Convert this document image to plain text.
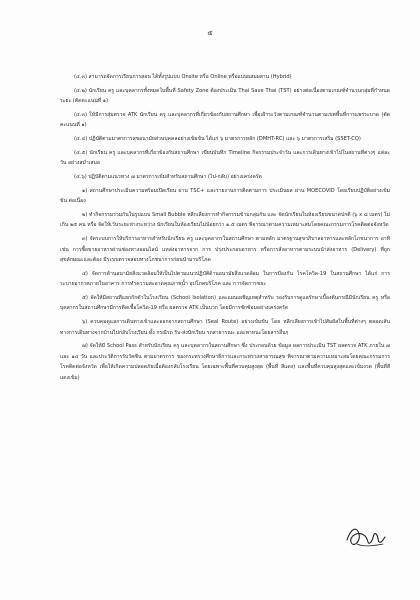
๕

(๔.๓) สามารถจัดการเรียนการสอน ได้ทั้งรูปแบบ Onsite หรือ Online หรือแบบผสมผสาน (Hybrid)

(๔.๒) นักเรียน ครู และบุคลากรทั้งหมดในพื้นที่ Safety Zone ต้องประเมิน Thai Save Thai (TST) อย่างต่อเนื่องตามเกณฑ์จำนวนกลุ่มที่กำหนดระยะ (ตัดคะแนนที่ ๑)

(๔.๓) ให้มีการสุ่มตรวจ ATK นักเรียน ครู และบุคลากรที่เกี่ยวข้องกับสถานศึกษา เพื่อเฝ้าระวังตามเกณฑ์จำนวนตามเขตพื้นที่การแพร่ระบาด (ตัดคะแนนที่ ๑)

(๔.๔) ปฏิบัติตามมาตรการสุขอนามัยส่วนบุคคลอย่างเข้มข้น ได้แก่ ๖ มาตรการหลัก (DMHT-RC) และ ๖ มาตรการเสริม (SSET-CQ)

(๔.๕) นักเรียน ครู และบุคลากรที่เกี่ยวข้องกับสถานศึกษา เขียนบันทึก Timeline กิจกรรมประจำวัน และการเดินทางเข้าไปในสถานที่ต่างๆ แต่ละวัน อย่างสม่ำเสมอ

(๔.๖) ปฏิบัติตามแนวทาง ๗ มาตรการเข้มสำหรับสถานศึกษา (ไป-กลับ) อย่างเคร่งครัด

๑) สถานศึกษาประเมินความพร้อมเปิดเรียน ผ่าน TSC+ และรายงานการติดตามการ ประเมินผล ผ่าน MOECOVID โดยเรียบปฏิบัติอย่างเข้มข้น ต่อเนื่อง

๒) ทำกิจกรรมร่วมกันในรูปแบบ Small Bubble หลีกเลี่ยงการทำกิจกรรมข้ามกลุ่มกัน และ จัดนักเรียนในห้องเรียนขนาดปกติ (๖ x ๘ เมตร) ไม่เกิน ๒๕ คน หรือ จัดให้เว้นระยะห่างระหว่าง นักเรียนในห้องเรียนไม่น้อยกว่า ๑.๕ เมตร พิจารณาตามความเหมาะสมโดยคณะกรรมการโรคติดต่อจังหวัด

๓) จัดระบบการให้บริการอาหารสำหรับนักเรียน ครู และบุคลากรในสถานศึกษา ตามหลัก มาตรฐานสุขาภิบาลอาหารและหลักโภชนาการ อาทิเช่น การซื้อขายอาหารผ่านช่องทางออนไลน์ แหล่งอาหารจาก การ ปรุงประกอบอาหาร หรือการสั่งอาหารตามระบบนำส่งอาหาร (Delivery) ที่ถูกสุขลักษณะและต้อง มีระบบตรวจสอบทางโภชนาการก่อนนำมาบริโภค

๔) จัดการด้านอนามัยสิ่งแวดล้อมให้เป็นไปตามแนวปฏิบัติด้านอนามัยสิ่งแวดล้อม ในการป้องกัน โรคโควิด-19 ในสถานศึกษา ได้แก่ การระบายอากาศภายในอาคาร การทำความสะอาดคุณภาพน้ำ อุปโภคบริโภค และ การจัดการขยะ

๕) จัดให้มีสถานที่แยกกักตัวในโรงเรียน (School Isolation) และแผนเผชิญเหตุสำหรับ รองรับการดูแลรักษาเบื้องต้นกรณีมีนักเรียน ครู หรือบุคลากรในสถานศึกษามีการติดเชื้อโควิด-19 หรือ ผลตรวจ ATK เป็นบวก โดยมีการซักซ้อมอย่างเคร่งครัด

๖) ควบคุมดูแลการเดินทางเข้าและออกจากสถานศึกษา (Seal Route) อย่างเข้มข้น โดย หลีกเลี่ยงการเข้าไปสัมผัสในพื้นที่ต่างๆ ตลอดเส้นทางการเดินทางจากบ้านไปกลับโรงเรียน ทั้ง กรณีรถ รับ-ส่งนักเรียน รถสาธารณะ และพาหนะโดยสารอื่นๆ

๗) จัดให้มี School Pass สำหรับนักเรียน ครู และบุคลากรในสถานศึกษา ซึ่ง ประกอบด้วย ข้อมูล ผลการประเมิน TST ผลตรวจ ATK ภายใน ๗ และ ๑๔ วัน และประวัติการรับวัคซีน ตามมาตรการ ของกระทรวงศึกษาธิการและกระทรวงสาธารณสุข พิจารณาตามความเหมาะสมโดยคณะกรรมการโรคติดต่อจังหวัด เพื่อให้เกิดความปลอดภัยเมื่อต้องกลับโรงเรียน โดยเฉพาะพื้นที่ควบคุมสูงสุด (พื้นที่ สีแดง) และพื้นที่ควบคุมสูงสุดและเข้มงวด (พื้นที่สีแดงเข้ม)
